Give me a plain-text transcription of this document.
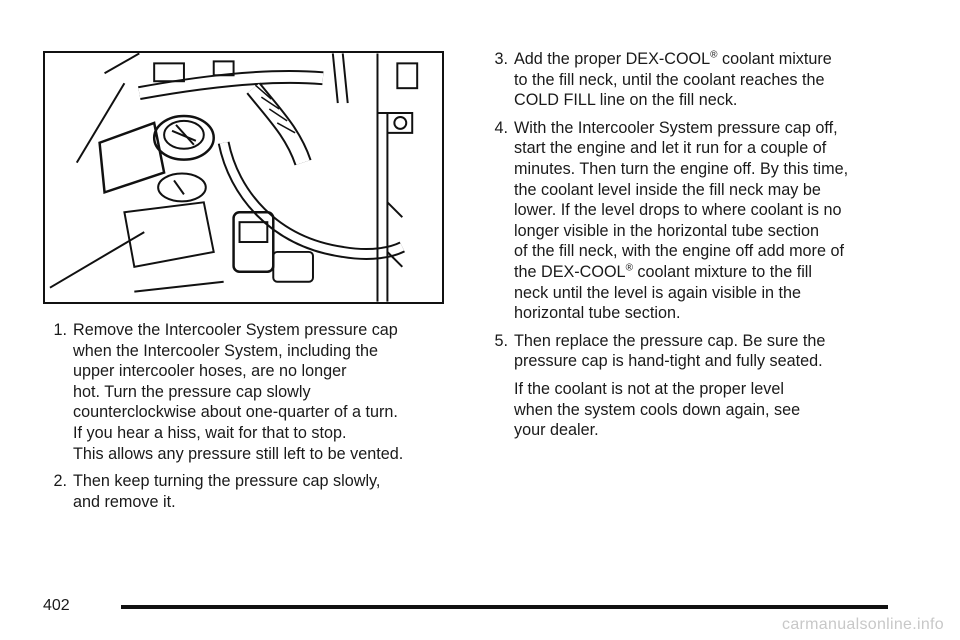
1. Remove the Intercooler System pressure cap
when the Intercooler System, including the
upper intercooler hoses, are no longer
hot. Turn the pressure cap slowly
counterclockwise about one-quarter of a turn.
If you hear a hiss, wait for that to stop.
This allows any pressure still left to be vented.
2. Then keep turning the pressure cap slowly,
and remove it.
3. Add the proper DEX-COOL® coolant mixture
to the fill neck, until the coolant reaches the
COLD FILL line on the fill neck.
4. With the Intercooler System pressure cap off,
start the engine and let it run for a couple of
minutes. Then turn the engine off. By this time,
the coolant level inside the fill neck may be
lower. If the level drops to where coolant is no
longer visible in the horizontal tube section
of the fill neck, with the engine off add more of
the DEX-COOL® coolant mixture to the fill
neck until the level is again visible in the
horizontal tube section.
5. Then replace the pressure cap. Be sure the
pressure cap is hand-tight and fully seated.
If the coolant is not at the proper level
when the system cools down again, see
your dealer.
402
carmanualsonline.info
